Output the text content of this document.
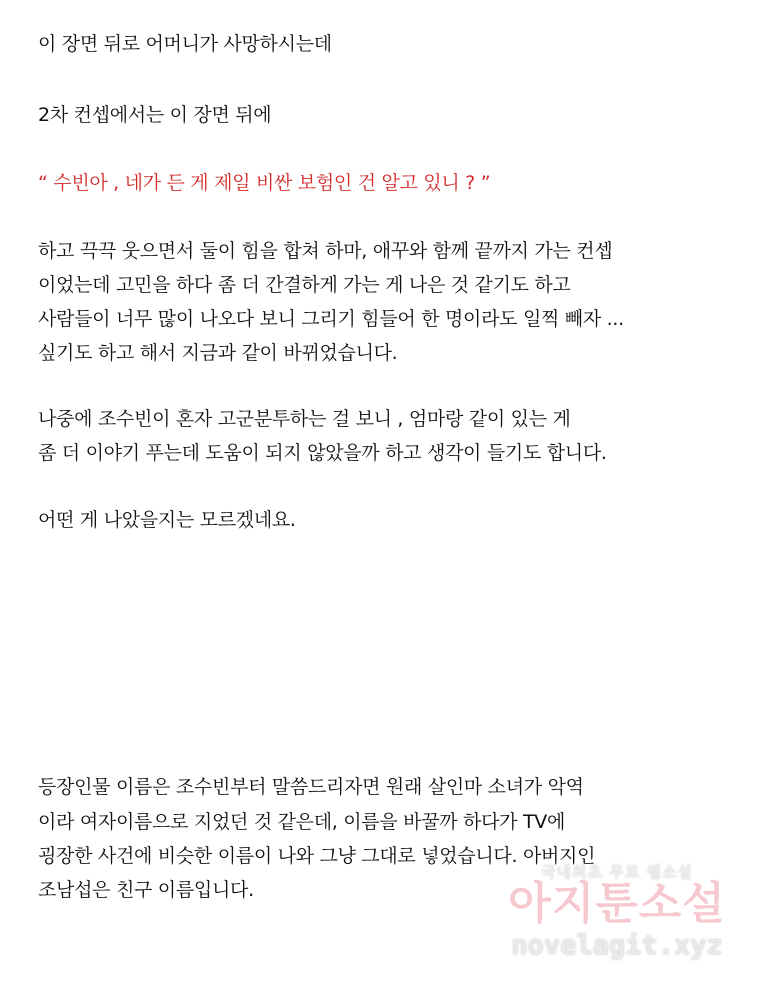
이 장면 뒤로 어머니가 사망하시는데
2차 컨셉에서는 이 장면 뒤에
“ 수빈아 , 네가 든 게 제일 비싼 보험인 건 알고 있니 ? ”
하고 끅끅 웃으면서 둘이 힘을 합쳐 하마, 애꾸와 함께 끝까지 가는 컨셉
이었는데 고민을 하다 좀 더 간결하게 가는 게 나은 것 같기도 하고
사람들이 너무 많이 나오다 보니 그리기 힘들어 한 명이라도 일찍 빼자 ...
싶기도 하고 해서 지금과 같이 바뀌었습니다.
나중에 조수빈이 혼자 고군분투하는 걸 보니 , 엄마랑 같이 있는 게
좀 더 이야기 푸는데 도움이 되지 않았을까 하고 생각이 들기도 합니다.
어떤 게 나았을지는 모르겠네요.
등장인물 이름은 조수빈부터 말씀드리자면 원래 살인마 소녀가 악역
이라 여자이름으로 지었던 것 같은데, 이름을 바꿀까 하다가 TV에
굉장한 사건에 비슷한 이름이 나와 그냥 그대로 넣었습니다. 아버지인
조남섭은 친구 이름입니다.
국내최초 무료 웹소설
아지툰소설
novelagit.xyz
